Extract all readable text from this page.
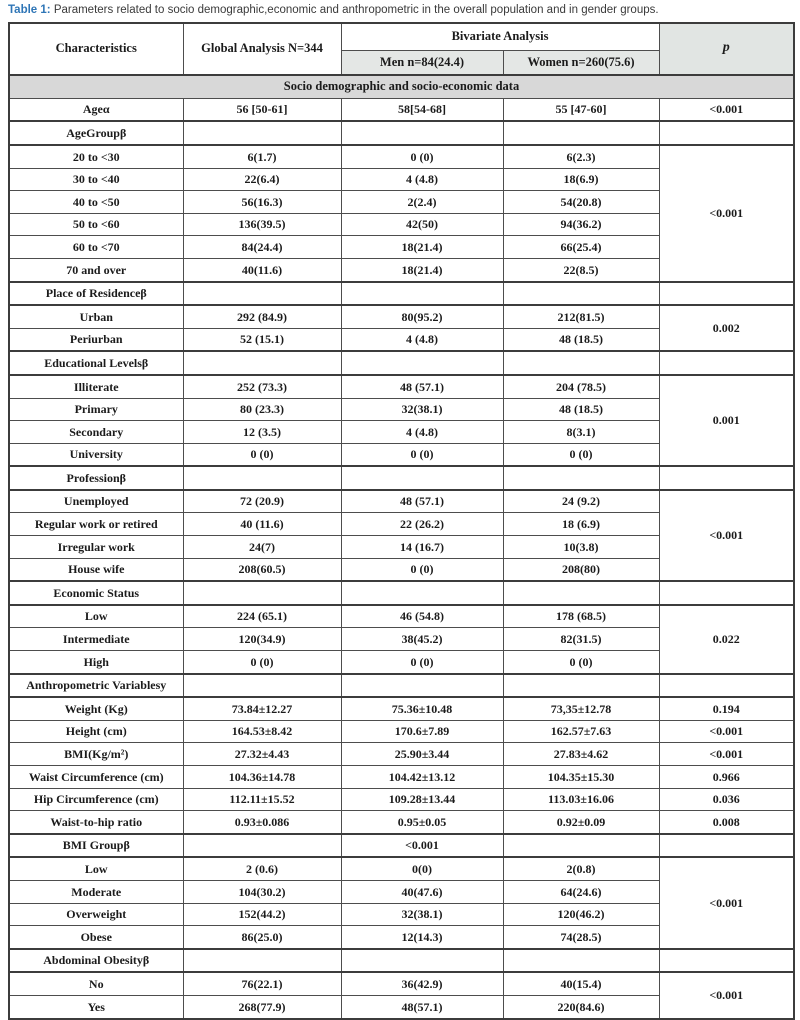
Table 1: Parameters related to socio demographic,economic and anthropometric in the overall population and in gender groups.
Characteristics	Global Analysis N=344	Bivariate Analysis		p
		Men n=84(24.4)	Women n=260(75.6)	
Socio demographic and socio-economic data				
Ageα	56 [50-61]	58[54-68]	55 [47-60]	<0.001
AgeGroupβ				
20 to <30	6(1.7)	0 (0)	6(2.3)	<0.001
30 to <40	22(6.4)	4 (4.8)	18(6.9)	
40 to <50	56(16.3)	2(2.4)	54(20.8)	
50 to <60	136(39.5)	42(50)	94(36.2)	
60 to <70	84(24.4)	18(21.4)	66(25.4)	
70 and over	40(11.6)	18(21.4)	22(8.5)	
Place of Residenceβ				
Urban	292 (84.9)	80(95.2)	212(81.5)	0.002
Periurban	52 (15.1)	4 (4.8)	48 (18.5)	
Educational Levelsβ				
Illiterate	252 (73.3)	48 (57.1)	204 (78.5)	0.001
Primary	80 (23.3)	32(38.1)	48 (18.5)	
Secondary	12 (3.5)	4 (4.8)	8(3.1)	
University	0 (0)	0 (0)	0 (0)	
Professionβ				
Unemployed	72 (20.9)	48 (57.1)	24 (9.2)	<0.001
Regular work or retired	40 (11.6)	22 (26.2)	18 (6.9)	
Irregular work	24(7)	14 (16.7)	10(3.8)	
House wife	208(60.5)	0 (0)	208(80)	
Economic Status				
Low	224 (65.1)	46 (54.8)	178 (68.5)	0.022
Intermediate	120(34.9)	38(45.2)	82(31.5)	
High	0 (0)	0 (0)	0 (0)	
Anthropometric Variablesy				
Weight (Kg)	73.84±12.27	75.36±10.48	73,35±12.78	0.194
Height (cm)	164.53±8.42	170.6±7.89	162.57±7.63	<0.001
BMI(Kg/m²)	27.32±4.43	25.90±3.44	27.83±4.62	<0.001
Waist Circumference (cm)	104.36±14.78	104.42±13.12	104.35±15.30	0.966
Hip Circumference (cm)	112.11±15.52	109.28±13.44	113.03±16.06	0.036
Waist-to-hip ratio	0.93±0.086	0.95±0.05	0.92±0.09	0.008
BMI Groupβ		<0.001		
Low	2 (0.6)	0(0)	2(0.8)	<0.001
Moderate	104(30.2)	40(47.6)	64(24.6)	
Overweight	152(44.2)	32(38.1)	120(46.2)	
Obese	86(25.0)	12(14.3)	74(28.5)	
Abdominal Obesityβ				
No	76(22.1)	36(42.9)	40(15.4)	<0.001
Yes	268(77.9)	48(57.1)	220(84.6)	
